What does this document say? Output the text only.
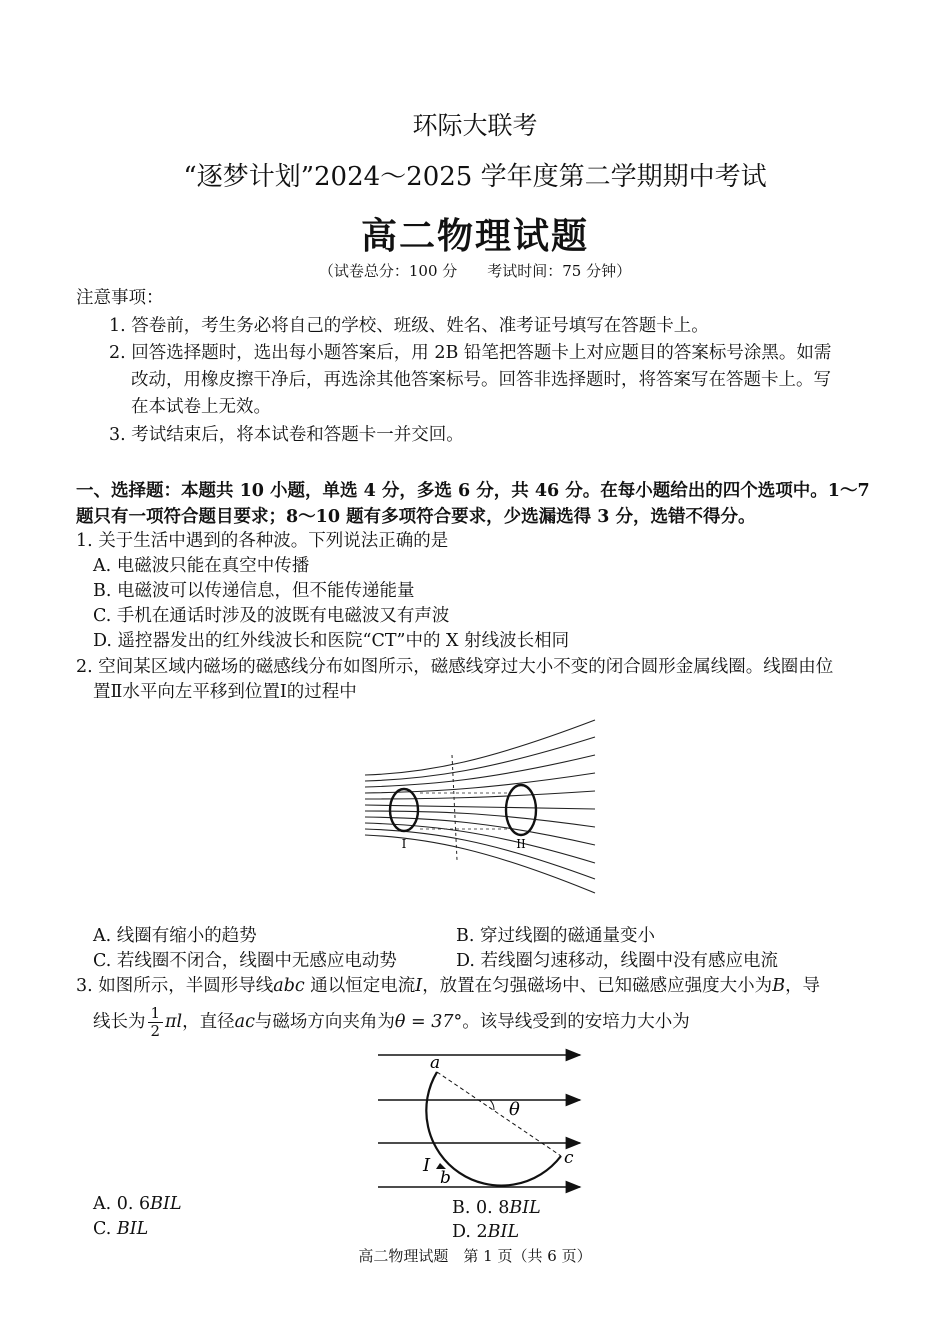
环际大联考
“逐梦计划”2024～2025 学年度第二学期期中考试
高二物理试题
（试卷总分：100 分　　考试时间：75 分钟）
注意事项：
1. 答卷前，考生务必将自己的学校、班级、姓名、准考证号填写在答题卡上。
2. 回答选择题时，选出每小题答案后，用 2B 铅笔把答题卡上对应题目的答案标号涂黑。如需
改动，用橡皮擦干净后，再选涂其他答案标号。回答非选择题时，将答案写在答题卡上。写
在本试卷上无效。
3. 考试结束后，将本试卷和答题卡一并交回。
一、选择题：本题共 10 小题，单选 4 分，多选 6 分，共 46 分。在每小题给出的四个选项中。1～7
题只有一项符合题目要求；8～10 题有多项符合要求，少选漏选得 3 分，选错不得分。
1. 关于生活中遇到的各种波。下列说法正确的是
A. 电磁波只能在真空中传播
B. 电磁波可以传递信息，但不能传递能量
C. 手机在通话时涉及的波既有电磁波又有声波
D. 遥控器发出的红外线波长和医院“CT”中的 X 射线波长相同
2. 空间某区域内磁场的磁感线分布如图所示，磁感线穿过大小不变的闭合圆形金属线圈。线圈由位
置Ⅱ水平向左平移到位置Ⅰ的过程中
I	II
A. 线圈有缩小的趋势	B. 穿过线圈的磁通量变小
C. 若线圈不闭合，线圈中无感应电动势	D. 若线圈匀速移动，线圈中没有感应电流
3. 如图所示，半圆形导线abc 通以恒定电流I，放置在匀强磁场中、已知磁感应强度大小为B，导
线长为 $\frac{1}{2}$ πl，直径ac与磁场方向夹角为θ = 37°。该导线受到的安培力大小为
a
b
c
I
θ
A. 0. 6BIL	B. 0. 8BIL
C. BIL	D. 2BIL
高二物理试题　第 1 页（共 6 页）
